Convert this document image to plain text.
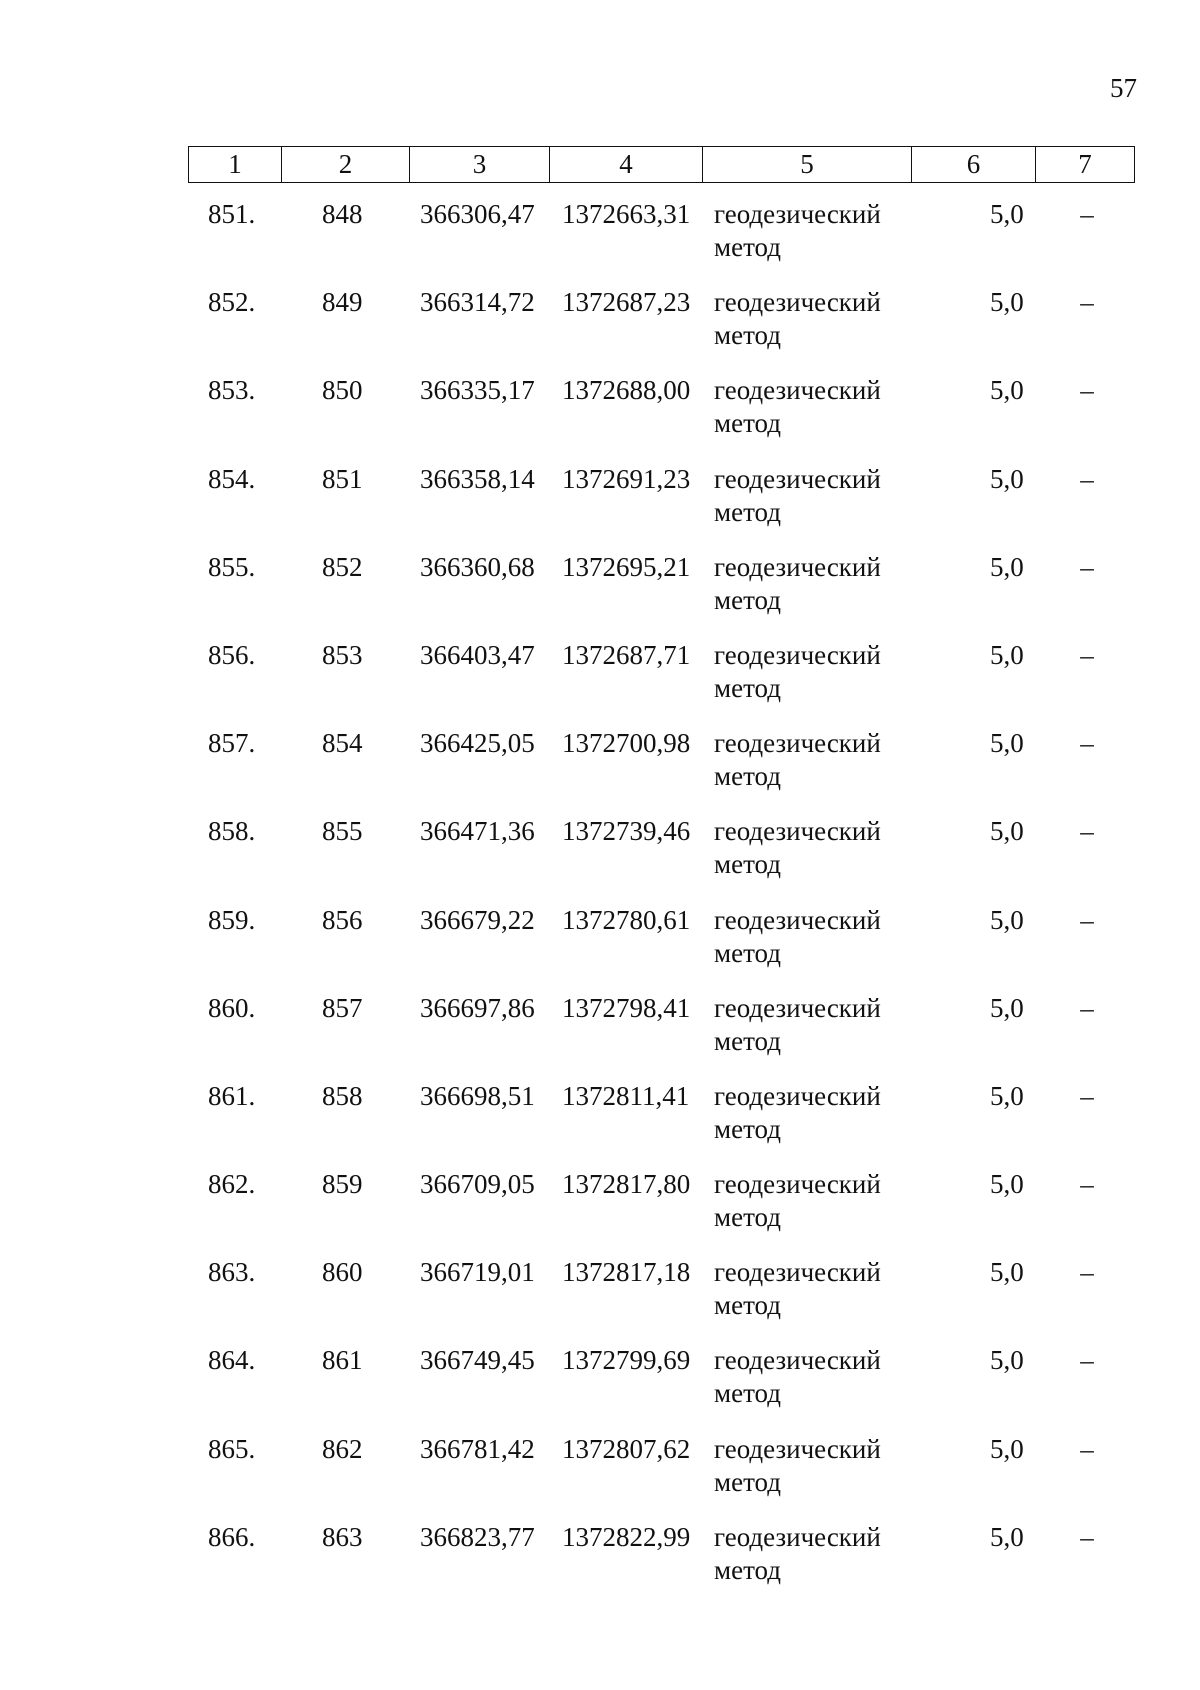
57
1	2	3	4	5	6	7
851. 848 366306,47 1372663,31 геодезический
метод
5,0	–
852. 849 366314,72 1372687,23 геодезический
метод
5,0	–
853. 850 366335,17 1372688,00 геодезический
метод
5,0	–
854. 851 366358,14 1372691,23 геодезический
метод
5,0	–
855. 852 366360,68 1372695,21 геодезический
метод
5,0	–
856. 853 366403,47 1372687,71 геодезический
метод
5,0	–
857. 854 366425,05 1372700,98 геодезический
метод
5,0	–
858. 855 366471,36 1372739,46 геодезический
метод
5,0	–
859. 856 366679,22 1372780,61 геодезический
метод
5,0	–
860. 857 366697,86 1372798,41 геодезический
метод
5,0	–
861. 858 366698,51 1372811,41 геодезический
метод
5,0	–
862. 859 366709,05 1372817,80 геодезический
метод
5,0	–
863. 860 366719,01 1372817,18 геодезический
метод
5,0	–
864. 861 366749,45 1372799,69 геодезический
метод
5,0	–
865. 862 366781,42 1372807,62 геодезический
метод
5,0	–
866. 863 366823,77 1372822,99 геодезический
метод
5,0	–
